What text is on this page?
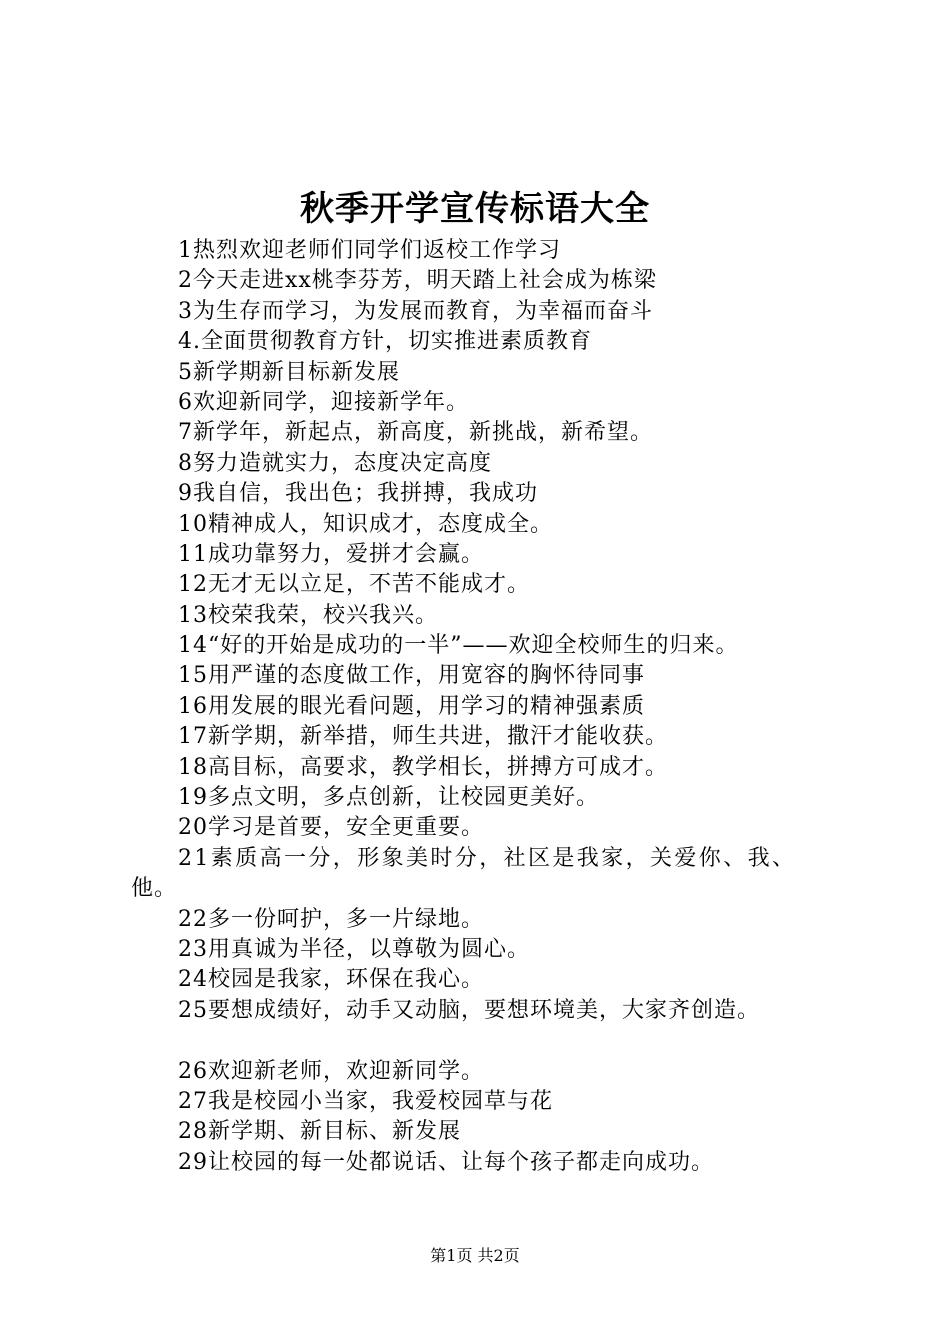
秋季开学宣传标语大全
1热烈欢迎老师们同学们返校工作学习
2今天走进xx桃李芬芳，明天踏上社会成为栋梁
3为生存而学习，为发展而教育，为幸福而奋斗
4.全面贯彻教育方针，切实推进素质教育
5新学期新目标新发展
6欢迎新同学，迎接新学年。
7新学年，新起点，新高度，新挑战，新希望。
8努力造就实力，态度决定高度
9我自信，我出色；我拼搏，我成功
10精神成人，知识成才，态度成全。
11成功靠努力，爱拼才会赢。
12无才无以立足，不苦不能成才。
13校荣我荣，校兴我兴。
14“好的开始是成功的一半”——欢迎全校师生的归来。
15用严谨的态度做工作，用宽容的胸怀待同事
16用发展的眼光看问题，用学习的精神强素质
17新学期，新举措，师生共进，撒汗才能收获。
18高目标，高要求，教学相长，拼搏方可成才。
19多点文明，多点创新，让校园更美好。
20学习是首要，安全更重要。
21素质高一分，形象美时分，社区是我家，关爱你、我、
他。
22多一份呵护，多一片绿地。
23用真诚为半径，以尊敬为圆心。
24校园是我家，环保在我心。
25要想成绩好，动手又动脑，要想环境美，大家齐创造。
26欢迎新老师，欢迎新同学。
27我是校园小当家，我爱校园草与花
28新学期、新目标、新发展
29让校园的每一处都说话、让每个孩子都走向成功。
第1页 共2页
